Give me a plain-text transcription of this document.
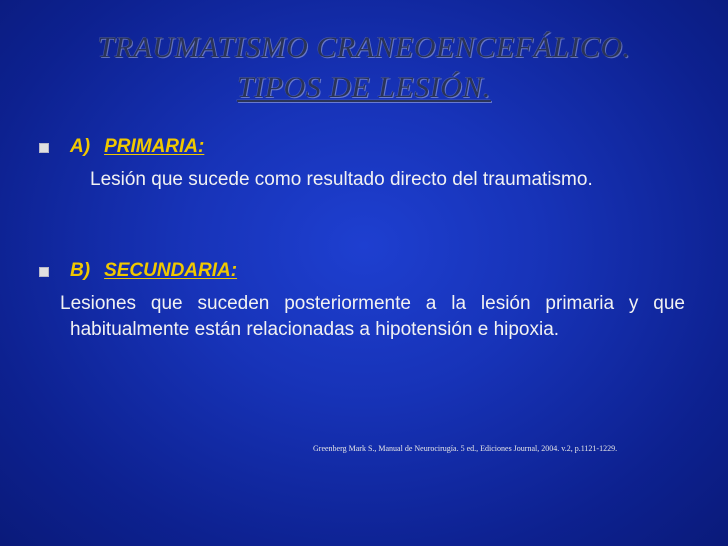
TRAUMATISMO CRANEOENCEFÁLICO.
TIPOS DE LESIÓN.
A) PRIMARIA:
Lesión que sucede como resultado directo del traumatismo.
B) SECUNDARIA:
Lesiones que suceden posteriormente a la lesión primaria y que habitualmente están relacionadas a hipotensión e hipoxia.
Greenberg Mark S., Manual de Neurocirugía. 5 ed., Ediciones Journal, 2004. v.2, p.1121-1229.
